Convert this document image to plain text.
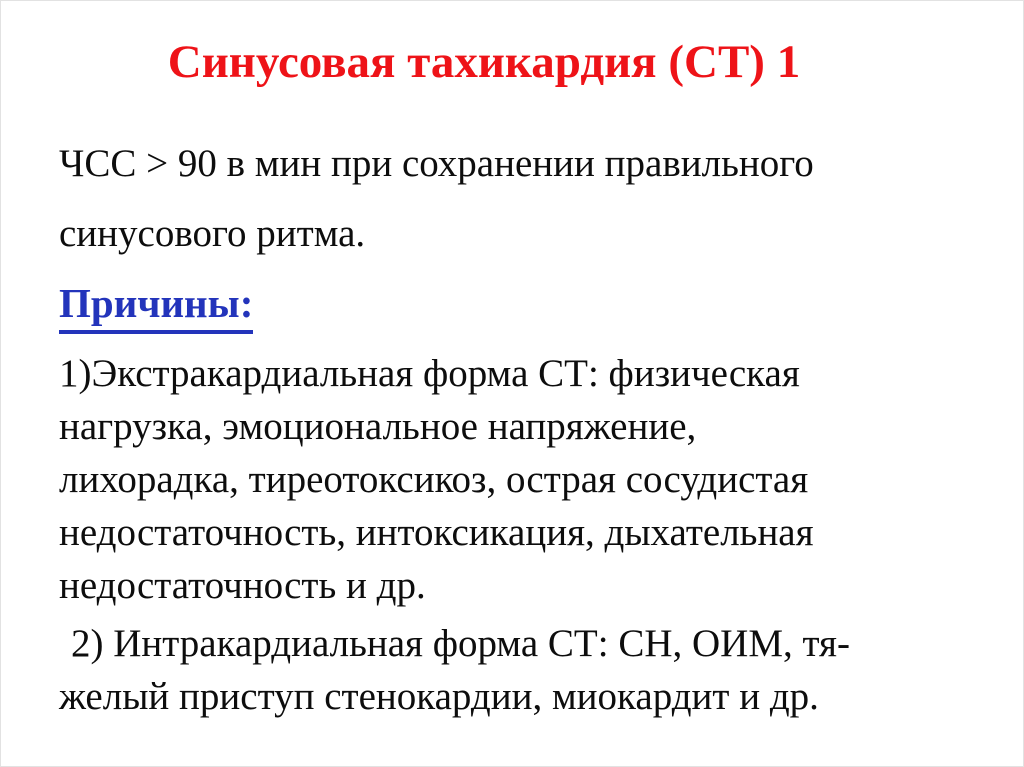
Синусовая тахикардия (СТ) 1

ЧСС > 90 в мин при сохранении правильного
синусового ритма.

Причины:

1)Экстракардиальная форма СТ: физическая
нагрузка, эмоциональное напряжение,
лихорадка, тиреотоксикоз, острая сосудистая
недостаточность, интоксикация, дыхательная
недостаточность и др.

2) Интракардиальная форма СТ: СН, ОИМ, тя-
желый приступ стенокардии, миокардит и др.
